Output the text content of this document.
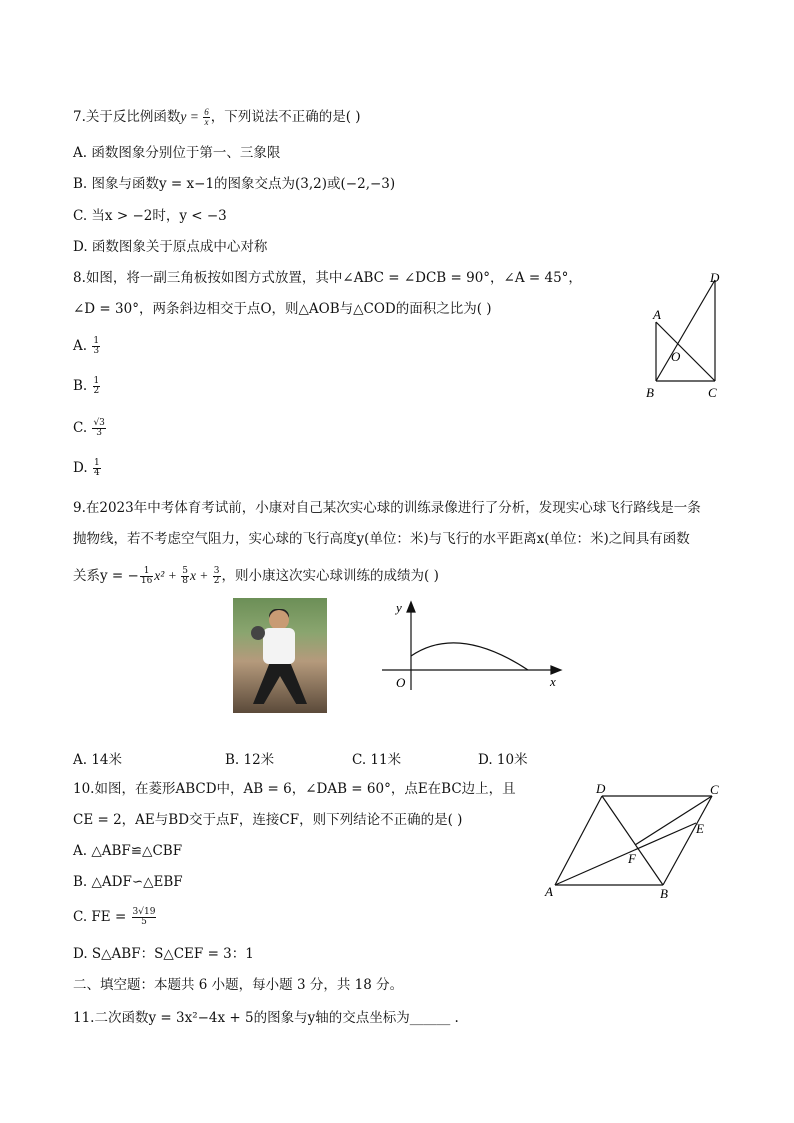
7.关于反比例函数$y = \frac{6}{x}$ ，下列说法不正确的是( )
A. 函数图象分别位于第一、三象限
B. 图象与函数y = x−1的图象交点为(3,2)或(−2,−3)
C. 当x > −2时，y < −3
D. 函数图象关于原点成中心对称
8.如图，将一副三角板按如图方式放置，其中∠ABC = ∠DCB = 90°，∠A = 45°，
∠D = 30°，两条斜边相交于点O，则△AOB与△COD的面积之比为( )
A. $\frac{1}{3}$
B. $\frac{1}{2}$
C. $\frac{√3}{3}$
D. $\frac{1}{4}$
A
B	C
D
O
9.在2023年中考体育考试前，小康对自己某次实心球的训练录像进行了分析，发现实心球飞行路线是一条
抛物线，若不考虑空气阻力，实心球的飞行高度y(单位：米)与飞行的水平距离x(单位：米)之间具有函数
关系y = − $\frac{1}{16} x^2 + \frac{5}{8}$ $x + \frac{3}{2}$ ，则小康这次实心球训练的成绩为( )
y
x
O
A. 14米	B. 12米	C. 11米	D. 10米
10.如图，在菱形ABCD中，AB = 6，∠DAB = 60°，点E在BC边上，且
CE = 2，AE与BD交于点F，连接CF，则下列结论不正确的是( )
A. △ABF≌△CBF
B. △ADF∽△EBF
C. FE = $\frac{3√19}{5}$
D. S△ABF：S△CEF = 3：1
D	C
E
F
A	B
二、填空题：本题共 6 小题，每小题 3 分，共 18 分。
11.二次函数y = 3x²−4x + 5的图象与y轴的交点坐标为______ .
